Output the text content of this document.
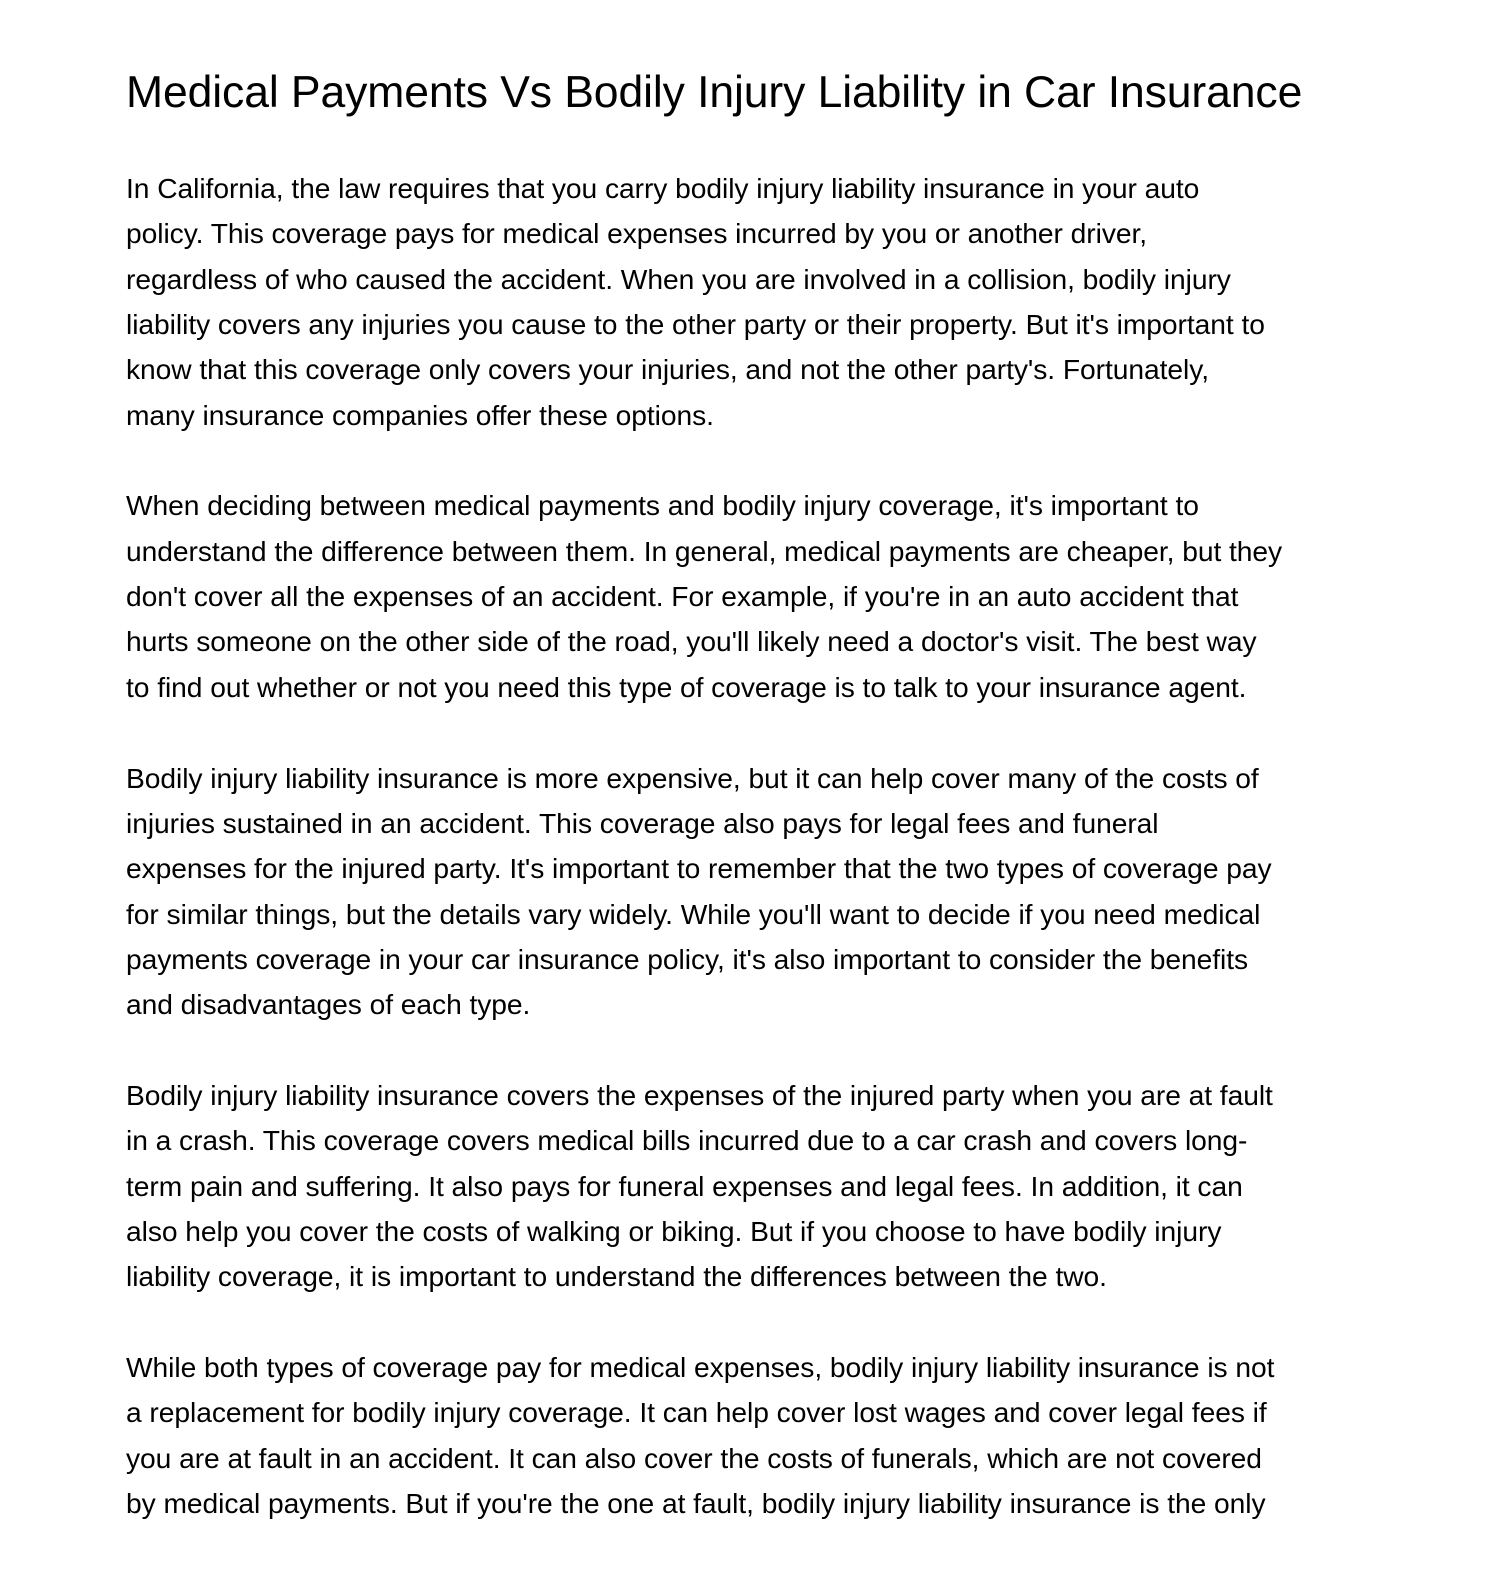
Medical Payments Vs Bodily Injury Liability in Car Insurance

In California, the law requires that you carry bodily injury liability insurance in your auto
policy. This coverage pays for medical expenses incurred by you or another driver,
regardless of who caused the accident. When you are involved in a collision, bodily injury
liability covers any injuries you cause to the other party or their property. But it's important to
know that this coverage only covers your injuries, and not the other party's. Fortunately,
many insurance companies offer these options.

When deciding between medical payments and bodily injury coverage, it's important to
understand the difference between them. In general, medical payments are cheaper, but they
don't cover all the expenses of an accident. For example, if you're in an auto accident that
hurts someone on the other side of the road, you'll likely need a doctor's visit. The best way
to find out whether or not you need this type of coverage is to talk to your insurance agent.

Bodily injury liability insurance is more expensive, but it can help cover many of the costs of
injuries sustained in an accident. This coverage also pays for legal fees and funeral
expenses for the injured party. It's important to remember that the two types of coverage pay
for similar things, but the details vary widely. While you'll want to decide if you need medical
payments coverage in your car insurance policy, it's also important to consider the benefits
and disadvantages of each type.

Bodily injury liability insurance covers the expenses of the injured party when you are at fault
in a crash. This coverage covers medical bills incurred due to a car crash and covers long-
term pain and suffering. It also pays for funeral expenses and legal fees. In addition, it can
also help you cover the costs of walking or biking. But if you choose to have bodily injury
liability coverage, it is important to understand the differences between the two.

While both types of coverage pay for medical expenses, bodily injury liability insurance is not
a replacement for bodily injury coverage. It can help cover lost wages and cover legal fees if
you are at fault in an accident. It can also cover the costs of funerals, which are not covered
by medical payments. But if you're the one at fault, bodily injury liability insurance is the only
